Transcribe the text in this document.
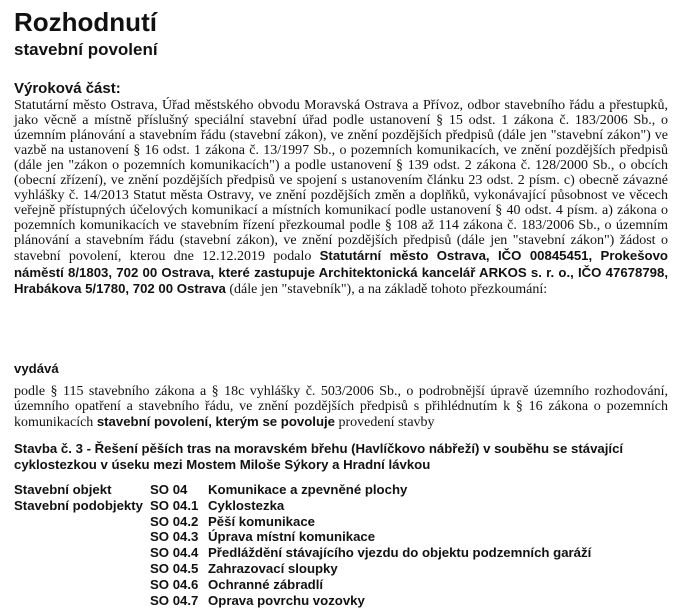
Rozhodnutí
stavební povolení
Výroková část:
Statutární město Ostrava, Úřad městského obvodu Moravská Ostrava a Přívoz, odbor stavebního řádu a přestupků, jako věcně a místně příslušný speciální stavební úřad podle ustanovení § 15 odst. 1 zákona č. 183/2006 Sb., o územním plánování a stavebním řádu (stavební zákon), ve znění pozdějších předpisů (dále jen "stavební zákon") ve vazbě na ustanovení § 16 odst. 1 zákona č. 13/1997 Sb., o pozemních komunikacích, ve znění pozdějších předpisů (dále jen "zákon o pozemních komunikacích") a podle ustanovení § 139 odst. 2 zákona č. 128/2000 Sb., o obcích (obecní zřízení), ve znění pozdějších předpisů ve spojení s ustanovením článku 23 odst. 2 písm. c) obecně závazné vyhlášky č. 14/2013 Statut města Ostravy, ve znění pozdějších změn a doplňků, vykonávající působnost ve věcech veřejně přístupných účelových komunikací a místních komunikací podle ustanovení § 40 odst. 4 písm. a) zákona o pozemních komunikacích ve stavebním řízení přezkoumal podle § 108 až 114 zákona č. 183/2006 Sb., o územním plánování a stavebním řádu (stavební zákon), ve znění pozdějších předpisů (dále jen "stavební zákon") žádost o stavební povolení, kterou dne 12.12.2019 podalo Statutární město Ostrava, IČO 00845451, Prokešovo náměstí 8/1803, 702 00 Ostrava, které zastupuje Architektonická kancelář ARKOS s. r. o., IČO 47678798, Hrabákova 5/1780, 702 00 Ostrava (dále jen "stavebník"), a na základě tohoto přezkoumání:
vydává
podle § 115 stavebního zákona a § 18c vyhlášky č. 503/2006 Sb., o podrobnější úpravě územního rozhodování, územního opatření a stavebního řádu, ve znění pozdějších předpisů s přihlédnutím k § 16 zákona o pozemních komunikacích stavební povolení, kterým se povoluje provedení stavby
Stavba č. 3 - Řešení pěších tras na moravském břehu (Havlíčkovo nábřeží) v souběhu se stávající cyklostezkou v úseku mezi Mostem Miloše Sýkory a Hradní lávkou
Stavební objekt	SO 04 Komunikace a zpevněné plochy
Stavební podobjekty SO 04.1 Cyklostezka
SO 04.2 Pěší komunikace
SO 04.3 Úprava místní komunikace
SO 04.4 Předláždění stávajícího vjezdu do objektu podzemních garáží
SO 04.5 Zahrazovací sloupky
SO 04.6 Ochranné zábradlí
SO 04.7 Oprava povrchu vozovky
